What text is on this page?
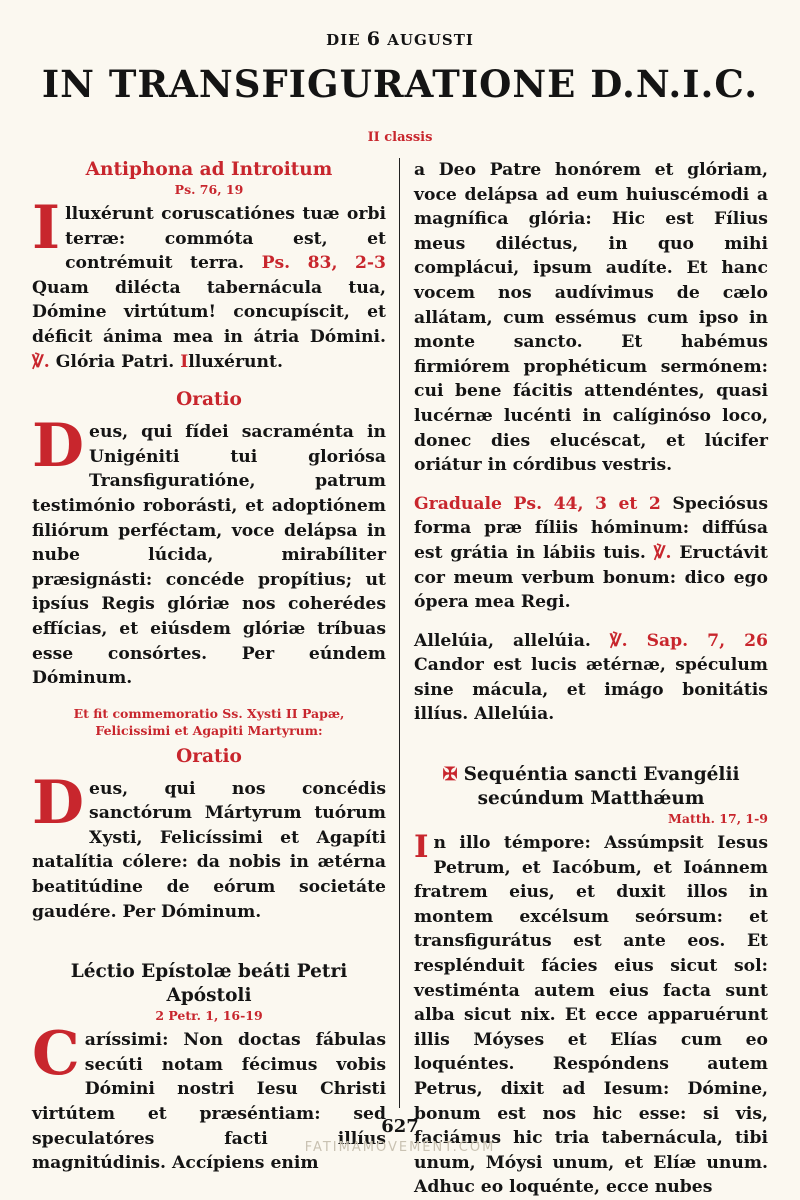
DIE 6 AUGUSTI
IN TRANSFIGURATIONE D.N.I.C.
II classis
Antiphona ad Introitum
Ps. 76, 19

Illuxérunt coruscatiónes tuæ orbi terræ: commóta est, et contrémuit terra. Ps. 83, 2-3 Quam dilécta tabernácula tua, Dómine virtútum! concupíscit, et déficit ánima mea in átria Dómini. ℣. Glória Patri. Illuxérunt.

Oratio

Deus, qui fídei sacraménta in Unigéniti tui gloriósa Transfiguratióne, patrum testimónio roborásti, et adoptiónem filiórum perféctam, voce delápsa in nube lúcida, mirabíliter præsignásti: concéde propítius; ut ipsíus Regis glóriæ nos coherédes effícias, et eiúsdem glóriæ tríbuas esse consórtes. Per eúndem Dóminum.

Et fit commemoratio Ss. Xysti II Papæ,
Felicissimi et Agapiti Martyrum:
Oratio

Deus, qui nos concédis sanctórum Mártyrum tuórum Xysti, Felicíssimi et Agapíti natalítia cólere: da nobis in ætérna beatitúdine de eórum societáte gaudére. Per Dóminum.

Léctio Epístolæ beáti Petri Apóstoli
2 Petr. 1, 16-19

Caríssimi: Non doctas fábulas secúti notam fécimus vobis Dómini nostri Iesu Christi virtútem et præséntiam: sed speculatóres facti illíus magnitúdinis. Accípiens enim

a Deo Patre honórem et glóriam, voce delápsa ad eum huiuscémodi a magnífica glória: Hic est Fílius meus diléctus, in quo mihi complácui, ipsum audíte. Et hanc vocem nos audívimus de cælo allátam, cum essémus cum ipso in monte sancto. Et habémus firmiórem prophéticum sermónem: cui bene fácitis attendéntes, quasi lucérnæ lucénti in calíginóso loco, donec dies elucéscat, et lúcifer oriátur in córdibus vestris.

Graduale Ps. 44, 3 et 2 Speciósus forma præ fíliis hóminum: diffúsa est grátia in lábiis tuis. ℣. Eructávit cor meum verbum bonum: dico ego ópera mea Regi.

Allelúia, allelúia. ℣. Sap. 7, 26 Candor est lucis ætérnæ, spéculum sine mácula, et imágo bonitátis illíus. Allelúia.

✠ Sequéntia sancti Evangélii secúndum Matthǽum
Matth. 17, 1-9

In illo témpore: Assúmpsit Iesus Petrum, et Iacóbum, et Ioánnem fratrem eius, et duxit illos in montem excélsum seórsum: et transfigurátus est ante eos. Et resplénduit fácies eius sicut sol: vestiménta autem eius facta sunt alba sicut nix. Et ecce apparuérunt illis Móyses et Elías cum eo loquéntes. Respóndens autem Petrus, dixit ad Iesum: Dómine, bonum est nos hic esse: si vis, faciámus hic tria tabernácula, tibi unum, Móysi unum, et Elíæ unum. Adhuc eo loquénte, ecce nubes

627
FATIMAMOVEMENT.COM
